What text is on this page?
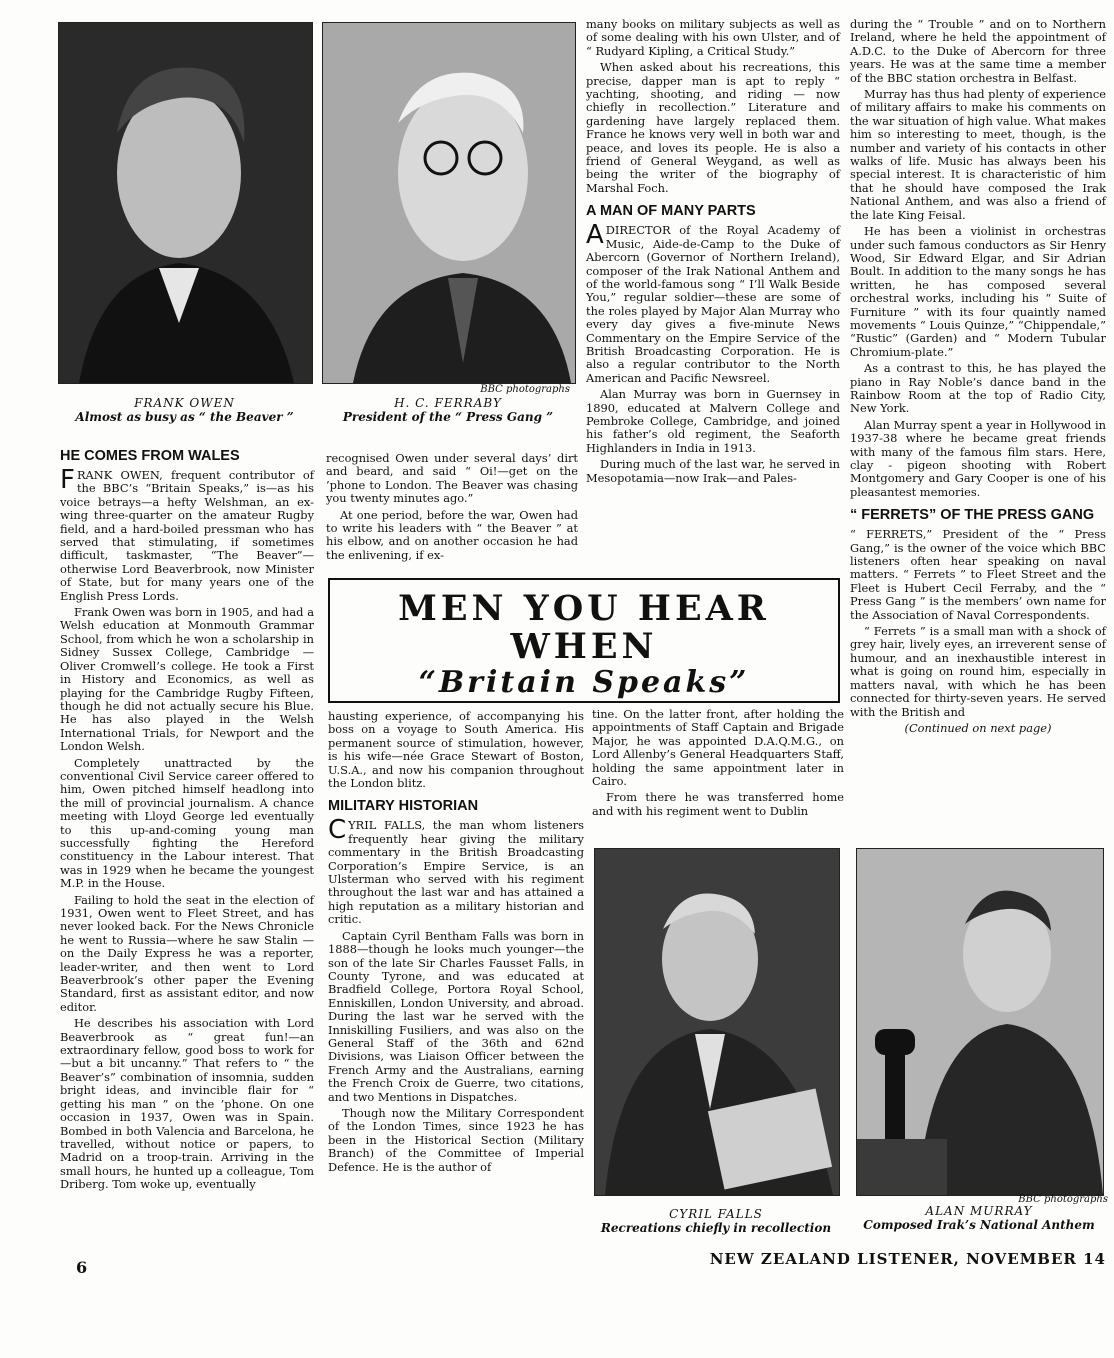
BBC photographs
FRANK OWEN
Almost as busy as “ the Beaver ”
H. C. FERRABY
President of the “ Press Gang ”
HE COMES FROM WALES

FRANK OWEN, frequent contributor of the BBC’s “Britain Speaks,” is—as his voice betrays—a hefty Welshman, an ex-wing three-quarter on the amateur Rugby field, and a hard-boiled pressman who has served that stimulating, if sometimes difficult, taskmaster, “The Beaver”—otherwise Lord Beaverbrook, now Minister of State, but for many years one of the English Press Lords.

Frank Owen was born in 1905, and had a Welsh education at Monmouth Grammar School, from which he won a scholarship in Sidney Sussex College, Cambridge — Oliver Cromwell’s college. He took a First in History and Economics, as well as playing for the Cambridge Rugby Fifteen, though he did not actually secure his Blue. He has also played in the Welsh International Trials, for Newport and the London Welsh.

Completely unattracted by the conventional Civil Service career offered to him, Owen pitched himself headlong into the mill of provincial journalism. A chance meeting with Lloyd George led eventually to this up-and-coming young man successfully fighting the Hereford constituency in the Labour interest. That was in 1929 when he became the youngest M.P. in the House.

Failing to hold the seat in the election of 1931, Owen went to Fleet Street, and has never looked back. For the News Chronicle he went to Russia—where he saw Stalin — on the Daily Express he was a reporter, leader-writer, and then went to Lord Beaverbrook’s other paper the Evening Standard, first as assistant editor, and now editor.

He describes his association with Lord Beaverbrook as “ great fun!—an extraordinary fellow, good boss to work for—but a bit uncanny.” That refers to “ the Beaver’s” combination of insomnia, sudden bright ideas, and invincible flair for “ getting his man ” on the ’phone. On one occasion in 1937, Owen was in Spain. Bombed in both Valencia and Barcelona, he travelled, without notice or papers, to Madrid on a troop-train. Arriving in the small hours, he hunted up a colleague, Tom Driberg. Tom woke up, eventually

recognised Owen under several days’ dirt and beard, and said “ Oi!—get on the ’phone to London. The Beaver was chasing you twenty minutes ago.”

At one period, before the war, Owen had to write his leaders with “ the Beaver ” at his elbow, and on another occasion he had the enlivening, if ex-

MEN YOU HEAR
WHEN
“Britain Speaks”

hausting experience, of accompanying his boss on a voyage to South America. His permanent source of stimulation, however, is his wife—née Grace Stewart of Boston, U.S.A., and now his companion throughout the London blitz.

MILITARY HISTORIAN

CYRIL FALLS, the man whom listeners frequently hear giving the military commentary in the British Broadcasting Corporation’s Empire Service, is an Ulsterman who served with his regiment throughout the last war and has attained a high reputation as a military historian and critic.

Captain Cyril Bentham Falls was born in 1888—though he looks much younger—the son of the late Sir Charles Fausset Falls, in County Tyrone, and was educated at Bradfield College, Portora Royal School, Enniskillen, London University, and abroad. During the last war he served with the Inniskilling Fusiliers, and was also on the General Staff of the 36th and 62nd Divisions, was Liaison Officer between the French Army and the Australians, earning the French Croix de Guerre, two citations, and two Mentions in Dispatches.

Though now the Military Correspondent of the London Times, since 1923 he has been in the Historical Section (Military Branch) of the Committee of Imperial Defence. He is the author of

many books on military subjects as well as of some dealing with his own Ulster, and of “ Rudyard Kipling, a Critical Study.”

When asked about his recreations, this precise, dapper man is apt to reply “ yachting, shooting, and riding — now chiefly in recollection.” Literature and gardening have largely replaced them. France he knows very well in both war and peace, and loves its people. He is also a friend of General Weygand, as well as being the writer of the biography of Marshal Foch.

A MAN OF MANY PARTS

ADIRECTOR of the Royal Academy of Music, Aide-de-Camp to the Duke of Abercorn (Governor of Northern Ireland), composer of the Irak National Anthem and of the world-famous song “ I’ll Walk Beside You,” regular soldier—these are some of the roles played by Major Alan Murray who every day gives a five-minute News Commentary on the Empire Service of the British Broadcasting Corporation. He is also a regular contributor to the North American and Pacific Newsreel.

Alan Murray was born in Guernsey in 1890, educated at Malvern College and Pembroke College, Cambridge, and joined his father’s old regiment, the Seaforth Highlanders in India in 1913.

During much of the last war, he served in Mesopotamia—now Irak—and Pales-

tine. On the latter front, after holding the appointments of Staff Captain and Brigade Major, he was appointed D.A.Q.M.G., on Lord Allenby’s General Headquarters Staff, holding the same appointment later in Cairo.

From there he was transferred home and with his regiment went to Dublin

during the “ Trouble ” and on to Northern Ireland, where he held the appointment of A.D.C. to the Duke of Abercorn for three years. He was at the same time a member of the BBC station orchestra in Belfast.

Murray has thus had plenty of experience of military affairs to make his comments on the war situation of high value. What makes him so interesting to meet, though, is the number and variety of his contacts in other walks of life. Music has always been his special interest. It is characteristic of him that he should have composed the Irak National Anthem, and was also a friend of the late King Feisal.

He has been a violinist in orchestras under such famous conductors as Sir Henry Wood, Sir Edward Elgar, and Sir Adrian Boult. In addition to the many songs he has written, he has composed several orchestral works, including his “ Suite of Furniture ” with its four quaintly named movements “ Louis Quinze,” “Chippendale,” “Rustic” (Garden) and “ Modern Tubular Chromium-plate.”

As a contrast to this, he has played the piano in Ray Noble’s dance band in the Rainbow Room at the top of Radio City, New York.

Alan Murray spent a year in Hollywood in 1937-38 where he became great friends with many of the famous film stars. Here, clay - pigeon shooting with Robert Montgomery and Gary Cooper is one of his pleasantest memories.

“ FERRETS” OF THE PRESS GANG

“ FERRETS,” President of the “ Press Gang,” is the owner of the voice which BBC listeners often hear speaking on naval matters. “ Ferrets ” to Fleet Street and the Fleet is Hubert Cecil Ferraby, and the “ Press Gang ” is the members’ own name for the Association of Naval Correspondents.

“ Ferrets ” is a small man with a shock of grey hair, lively eyes, an irreverent sense of humour, and an inexhaustible interest in what is going on round him, especially in matters naval, with which he has been connected for thirty-seven years. He served with the British and

(Continued on next page)

BBC photographs
CYRIL FALLS
Recreations chiefly in recollection
ALAN MURRAY
Composed Irak’s National Anthem
6	NEW ZEALAND LISTENER, NOVEMBER 14
